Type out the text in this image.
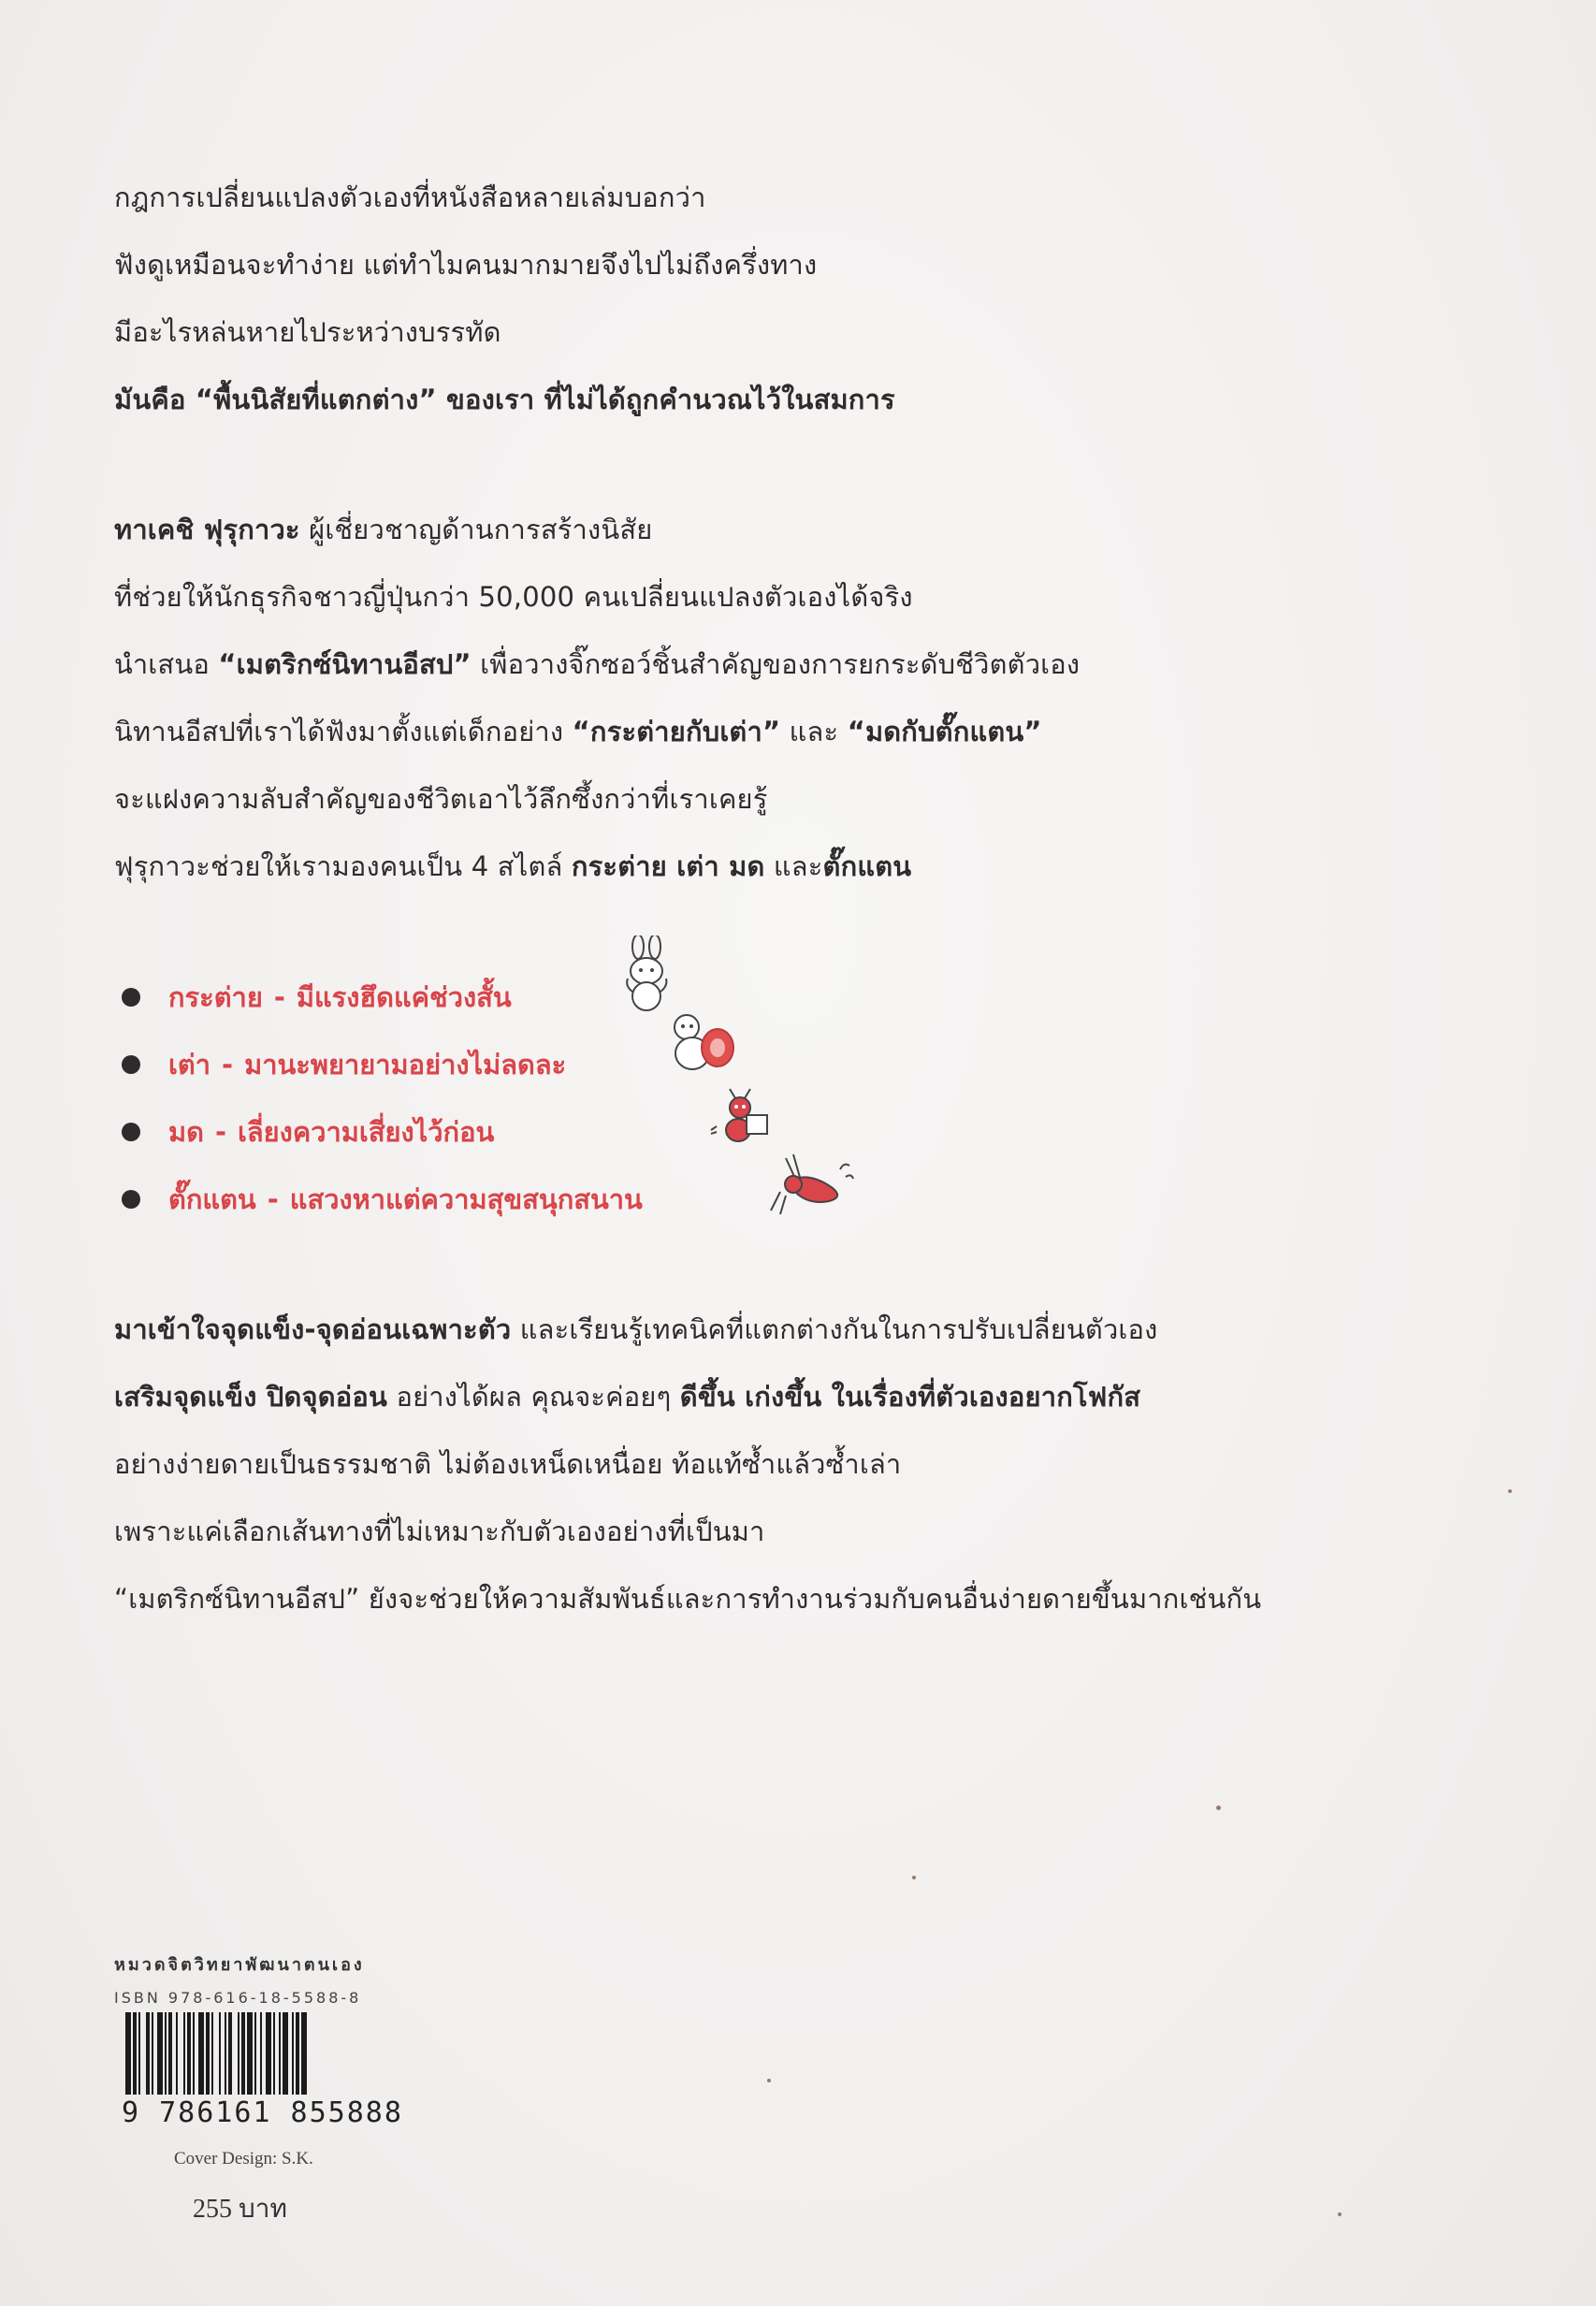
กฎการเปลี่ยนแปลงตัวเองที่หนังสือหลายเล่มบอกว่า
ฟังดูเหมือนจะทำง่าย แต่ทำไมคนมากมายจึงไปไม่ถึงครึ่งทาง
มีอะไรหล่นหายไประหว่างบรรทัด
มันคือ “พื้นนิสัยที่แตกต่าง” ของเรา ที่ไม่ได้ถูกคำนวณไว้ในสมการ
ทาเคชิ ฟุรุกาวะ ผู้เชี่ยวชาญด้านการสร้างนิสัย
ที่ช่วยให้นักธุรกิจชาวญี่ปุ่นกว่า 50,000 คนเปลี่ยนแปลงตัวเองได้จริง
นำเสนอ “เมตริกซ์นิทานอีสป” เพื่อวางจิ๊กซอว์ชิ้นสำคัญของการยกระดับชีวิตตัวเอง
นิทานอีสปที่เราได้ฟังมาตั้งแต่เด็กอย่าง “กระต่ายกับเต่า” และ “มดกับตั๊กแตน”
จะแฝงความลับสำคัญของชีวิตเอาไว้ลึกซึ้งกว่าที่เราเคยรู้
ฟุรุกาวะช่วยให้เรามองคนเป็น 4 สไตล์ กระต่าย เต่า มด และตั๊กแตน
กระต่าย - มีแรงฮึดแค่ช่วงสั้น
เต่า - มานะพยายามอย่างไม่ลดละ
มด - เลี่ยงความเสี่ยงไว้ก่อน
ตั๊กแตน - แสวงหาแต่ความสุขสนุกสนาน
มาเข้าใจจุดแข็ง-จุดอ่อนเฉพาะตัว และเรียนรู้เทคนิคที่แตกต่างกันในการปรับเปลี่ยนตัวเอง
เสริมจุดแข็ง ปิดจุดอ่อน อย่างได้ผล คุณจะค่อยๆ ดีขึ้น เก่งขึ้น ในเรื่องที่ตัวเองอยากโฟกัส
อย่างง่ายดายเป็นธรรมชาติ ไม่ต้องเหน็ดเหนื่อย ท้อแท้ซ้ำแล้วซ้ำเล่า
เพราะแค่เลือกเส้นทางที่ไม่เหมาะกับตัวเองอย่างที่เป็นมา
“เมตริกซ์นิทานอีสป” ยังจะช่วยให้ความสัมพันธ์และการทำงานร่วมกับคนอื่นง่ายดายขึ้นมากเช่นกัน
หมวดจิตวิทยาพัฒนาตนเอง
ISBN 978-616-18-5588-8
9 786161 855888
Cover Design: S.K.
255 บาท
